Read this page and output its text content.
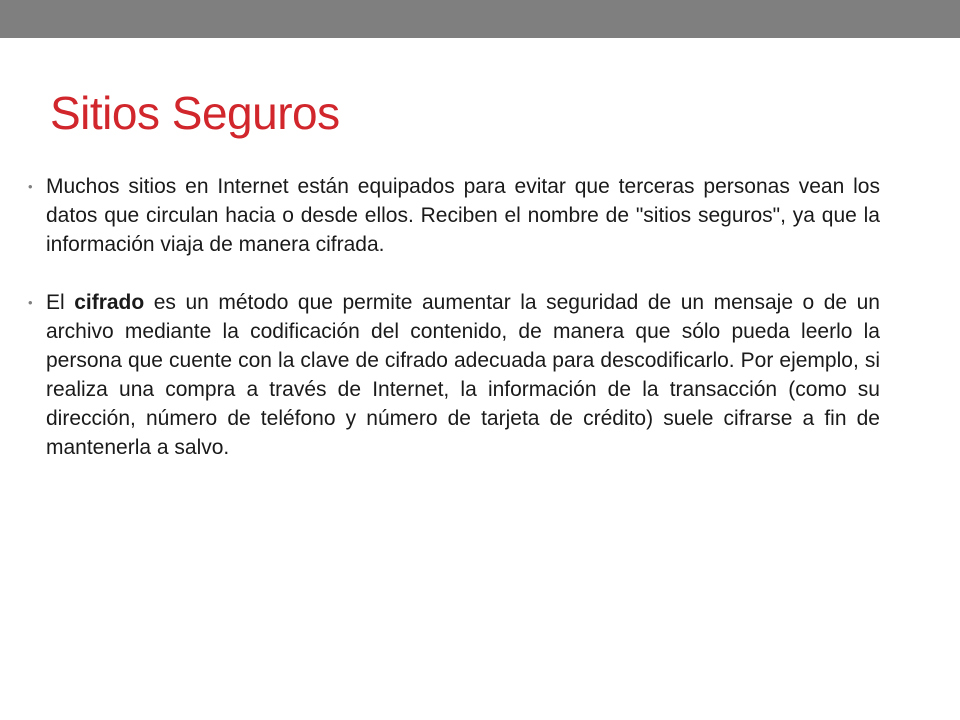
Sitios Seguros
• Muchos sitios en Internet están equipados para evitar que terceras personas vean los datos que circulan hacia o desde ellos. Reciben el nombre de "sitios seguros", ya que la información viaja de manera cifrada.
• El cifrado es un método que permite aumentar la seguridad de un mensaje o de un archivo mediante la codificación del contenido, de manera que sólo pueda leerlo la persona que cuente con la clave de cifrado adecuada para descodificarlo. Por ejemplo, si realiza una compra a través de Internet, la información de la transacción (como su dirección, número de teléfono y número de tarjeta de crédito) suele cifrarse a fin de mantenerla a salvo.
